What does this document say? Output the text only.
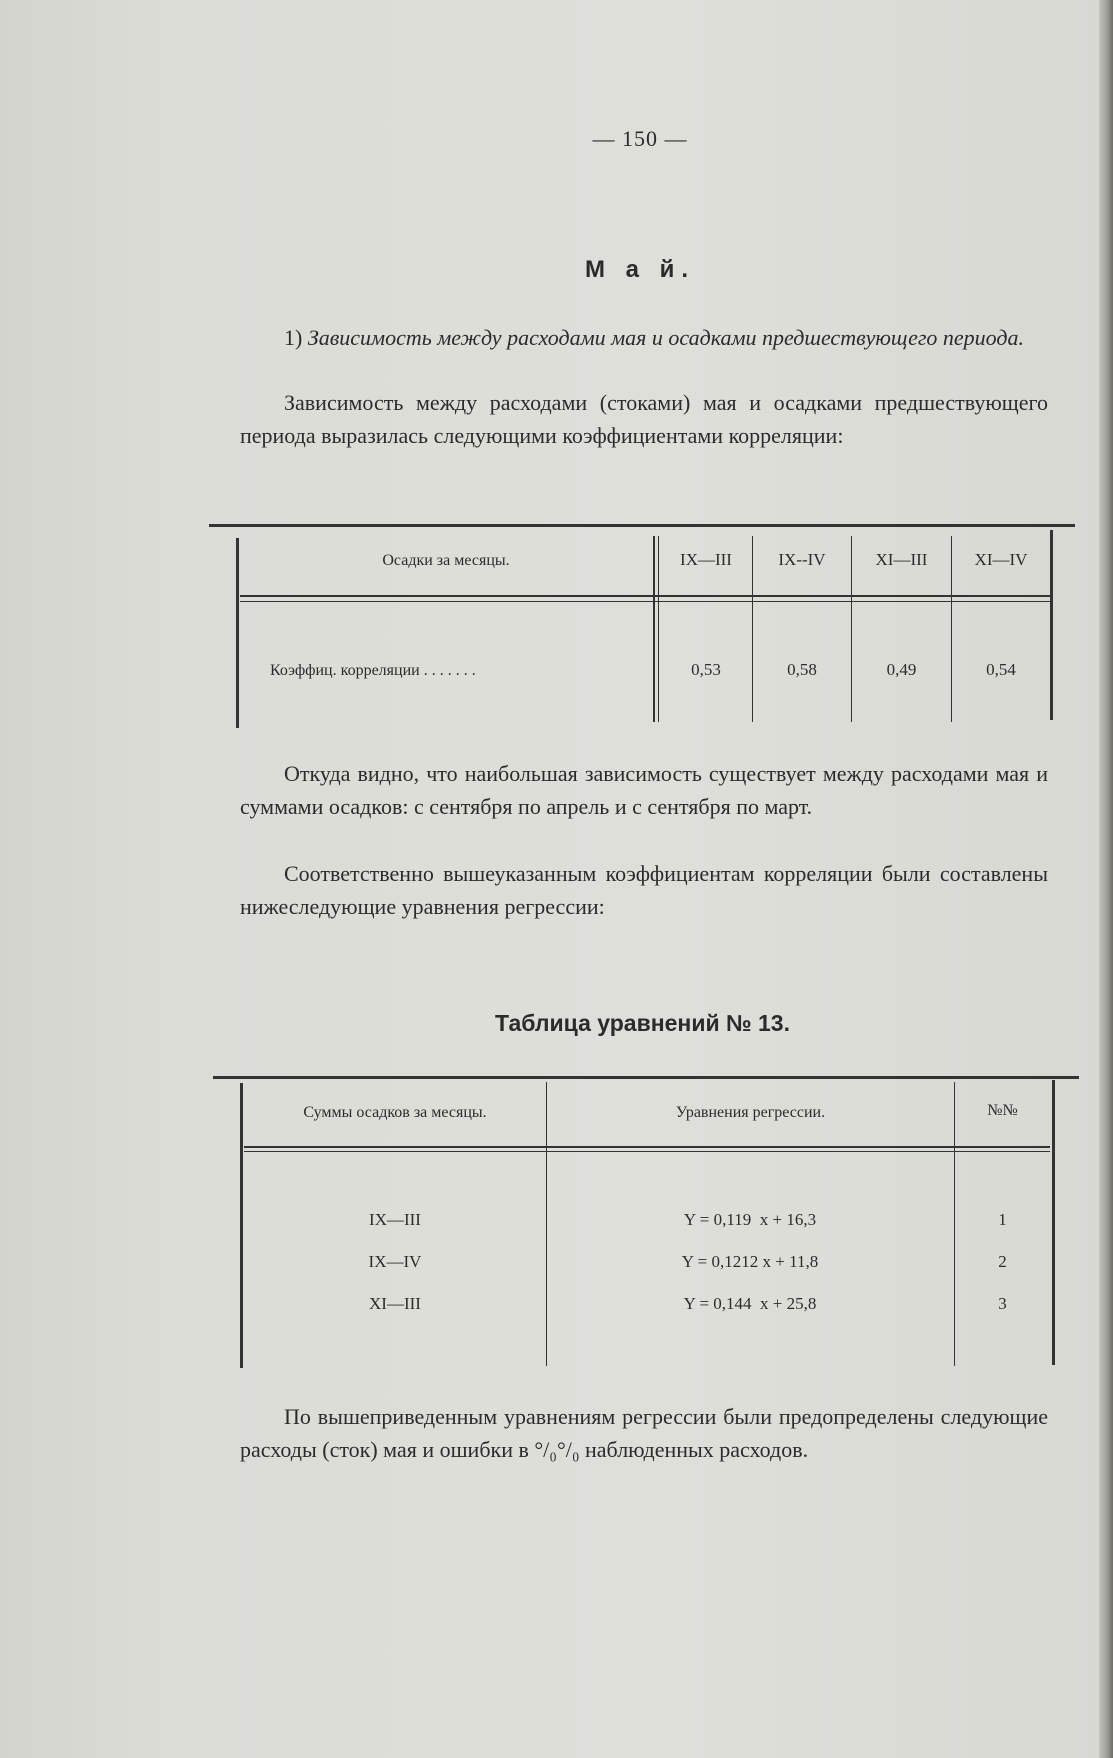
— 150 —
М а й.
1) Зависимость между расходами мая и осадками предшествующего периода.
Зависимость между расходами (стоками) мая и осадками предшествующего периода выразилась следующими коэффициентами корреляции:
Осадки за месяцы.	IX—III	IX--IV	XI—III	XI—IV
Коэффиц. корреляции . . . . . . .	0,53	0,58	0,49	0,54
Откуда видно, что наибольшая зависимость существует между расходами мая и суммами осадков: с сентября по апрель и с сентября по март.
Соответственно вышеуказанным коэффициентам корреляции были составлены нижеследующие уравнения регрессии:
Таблица уравнений № 13.
Суммы осадков за месяцы.	Уравнения регрессии.	№№
IX—III	Y = 0,119  x + 16,3	1
IX—IV	Y = 0,1212 x + 11,8	2
XI—III	Y = 0,144  x + 25,8	3
По вышеприведенным уравнениям регрессии были предопределены следующие расходы (сток) мая и ошибки в °/₀°/₀ наблюденных расходов.
